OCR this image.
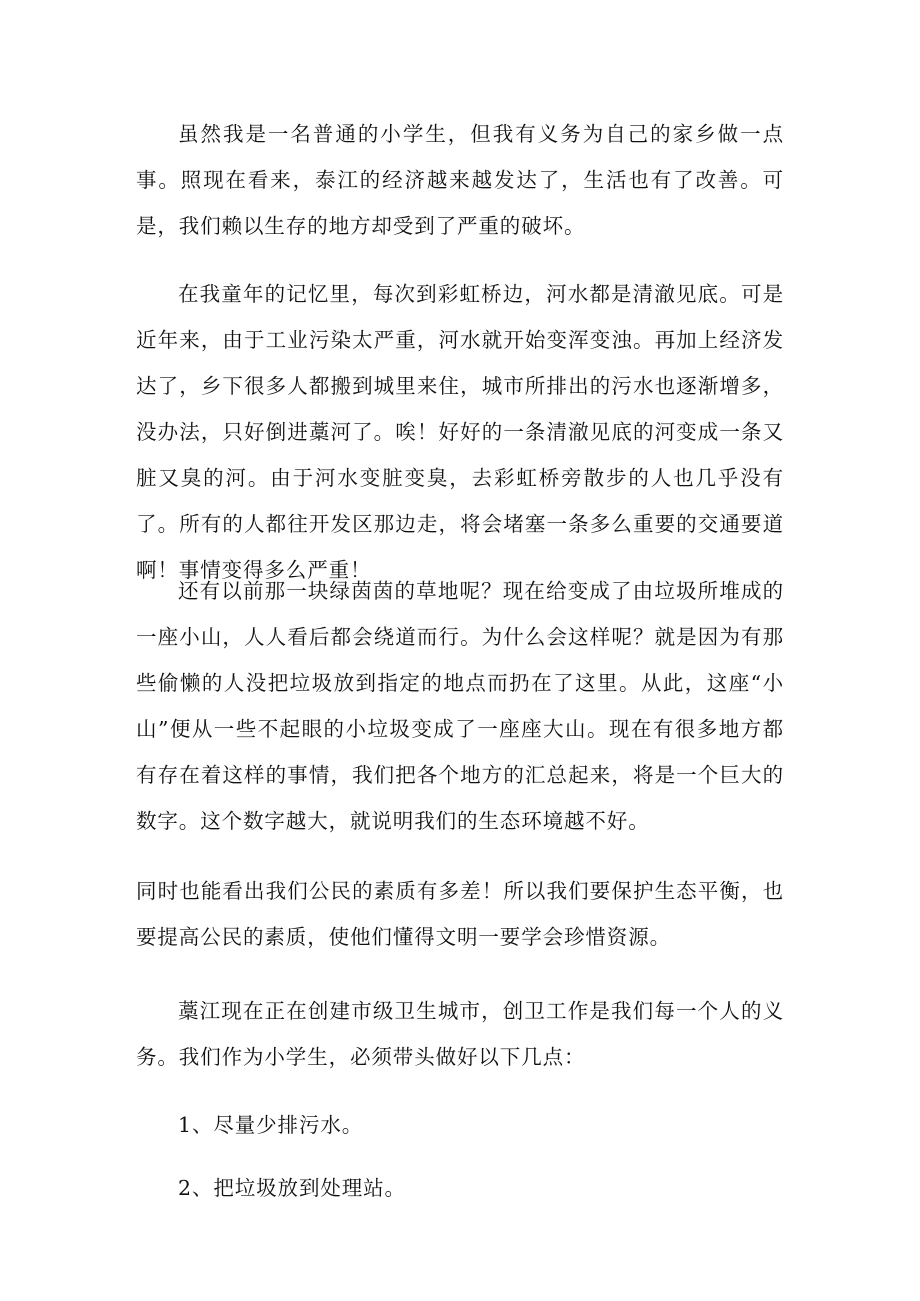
虽然我是一名普通的小学生，但我有义务为自己的家乡做一点事。照现在看来，泰江的经济越来越发达了，生活也有了改善。可是，我们赖以生存的地方却受到了严重的破坏。

在我童年的记忆里，每次到彩虹桥边，河水都是清澈见底。可是近年来，由于工业污染太严重，河水就开始变浑变浊。再加上经济发达了，乡下很多人都搬到城里来住，城市所排出的污水也逐渐增多，没办法，只好倒进藁河了。唉！好好的一条清澈见底的河变成一条又脏又臭的河。由于河水变脏变臭，去彩虹桥旁散步的人也几乎没有了。所有的人都往开发区那边走，将会堵塞一条多么重要的交通要道啊！事情变得多么严重！

还有以前那一块绿茵茵的草地呢？现在给变成了由垃圾所堆成的一座小山，人人看后都会绕道而行。为什么会这样呢？就是因为有那些偷懒的人没把垃圾放到指定的地点而扔在了这里。从此，这座“小山”便从一些不起眼的小垃圾变成了一座座大山。现在有很多地方都有存在着这样的事情，我们把各个地方的汇总起来，将是一个巨大的数字。这个数字越大，就说明我们的生态环境越不好。

同时也能看出我们公民的素质有多差！所以我们要保护生态平衡，也要提高公民的素质，使他们懂得文明一要学会珍惜资源。

藁江现在正在创建市级卫生城市，创卫工作是我们每一个人的义务。我们作为小学生，必须带头做好以下几点：

1、尽量少排污水。

2、把垃圾放到处理站。
